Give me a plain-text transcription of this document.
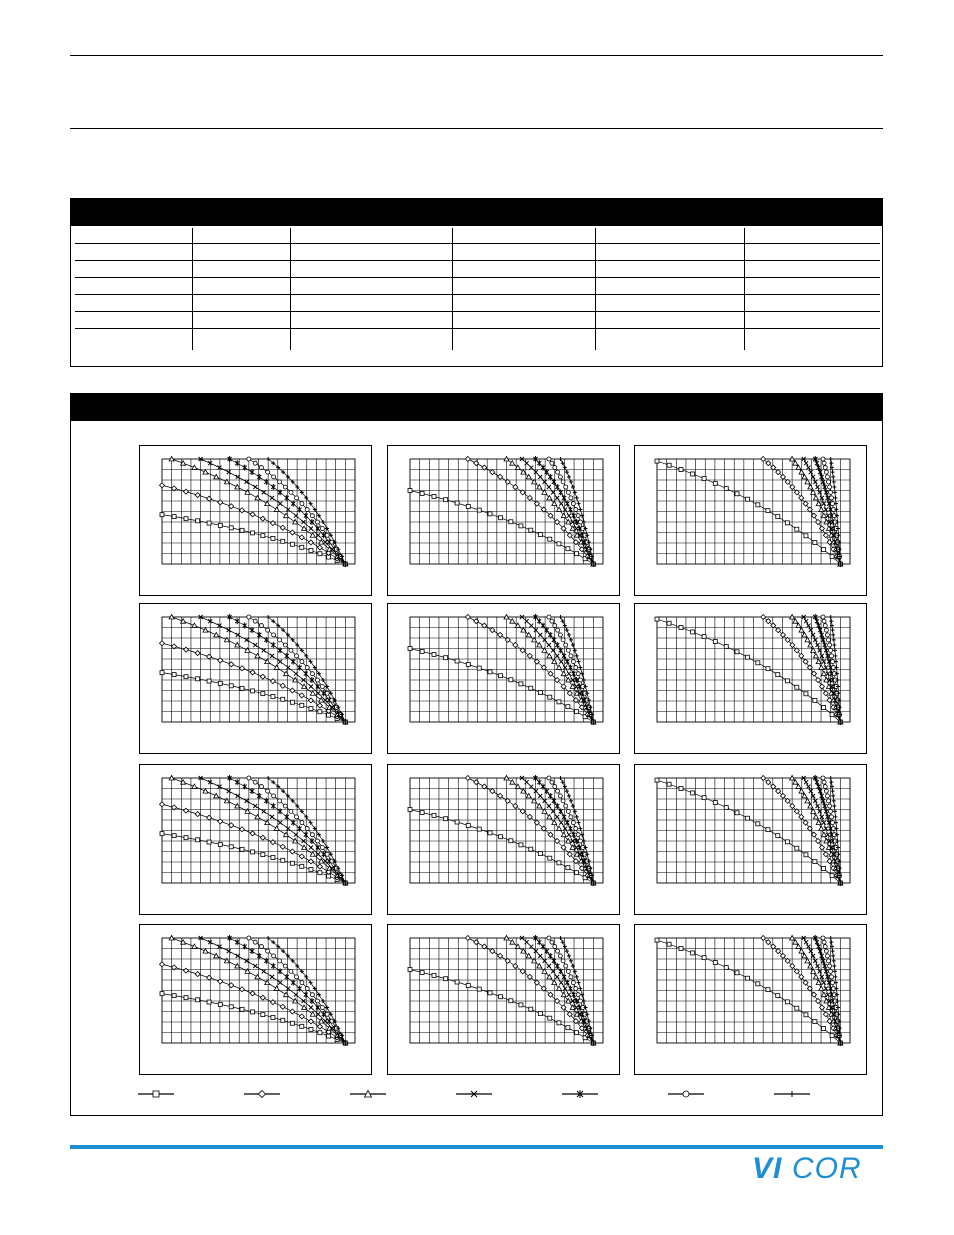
VI COR
